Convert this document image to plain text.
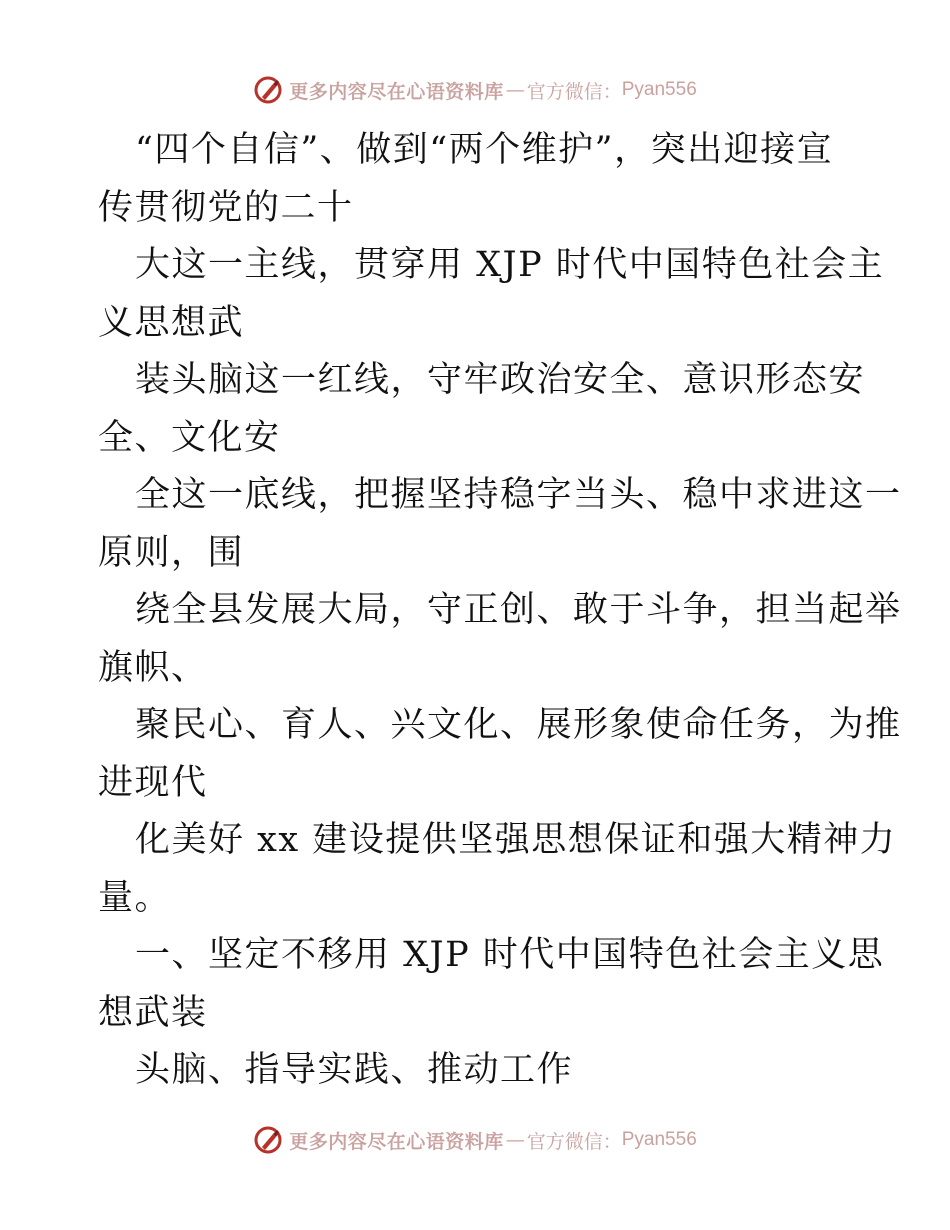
更多内容尽在心语资料库 — 官方微信： Pyan556
“四个自信”、做到“两个维护”，突出迎接宣
传贯彻党的二十
大这一主线，贯穿用 XJP 时代中国特色社会主
义思想武
装头脑这一红线，守牢政治安全、意识形态安
全、文化安
全这一底线，把握坚持稳字当头、稳中求进这一
原则，围
绕全县发展大局，守正创、敢于斗争，担当起举
旗帜、
聚民心、育人、兴文化、展形象使命任务，为推
进现代
化美好 xx 建设提供坚强思想保证和强大精神力
量。
一、坚定不移用 XJP 时代中国特色社会主义思
想武装
头脑、指导实践、推动工作
更多内容尽在心语资料库 — 官方微信： Pyan556
